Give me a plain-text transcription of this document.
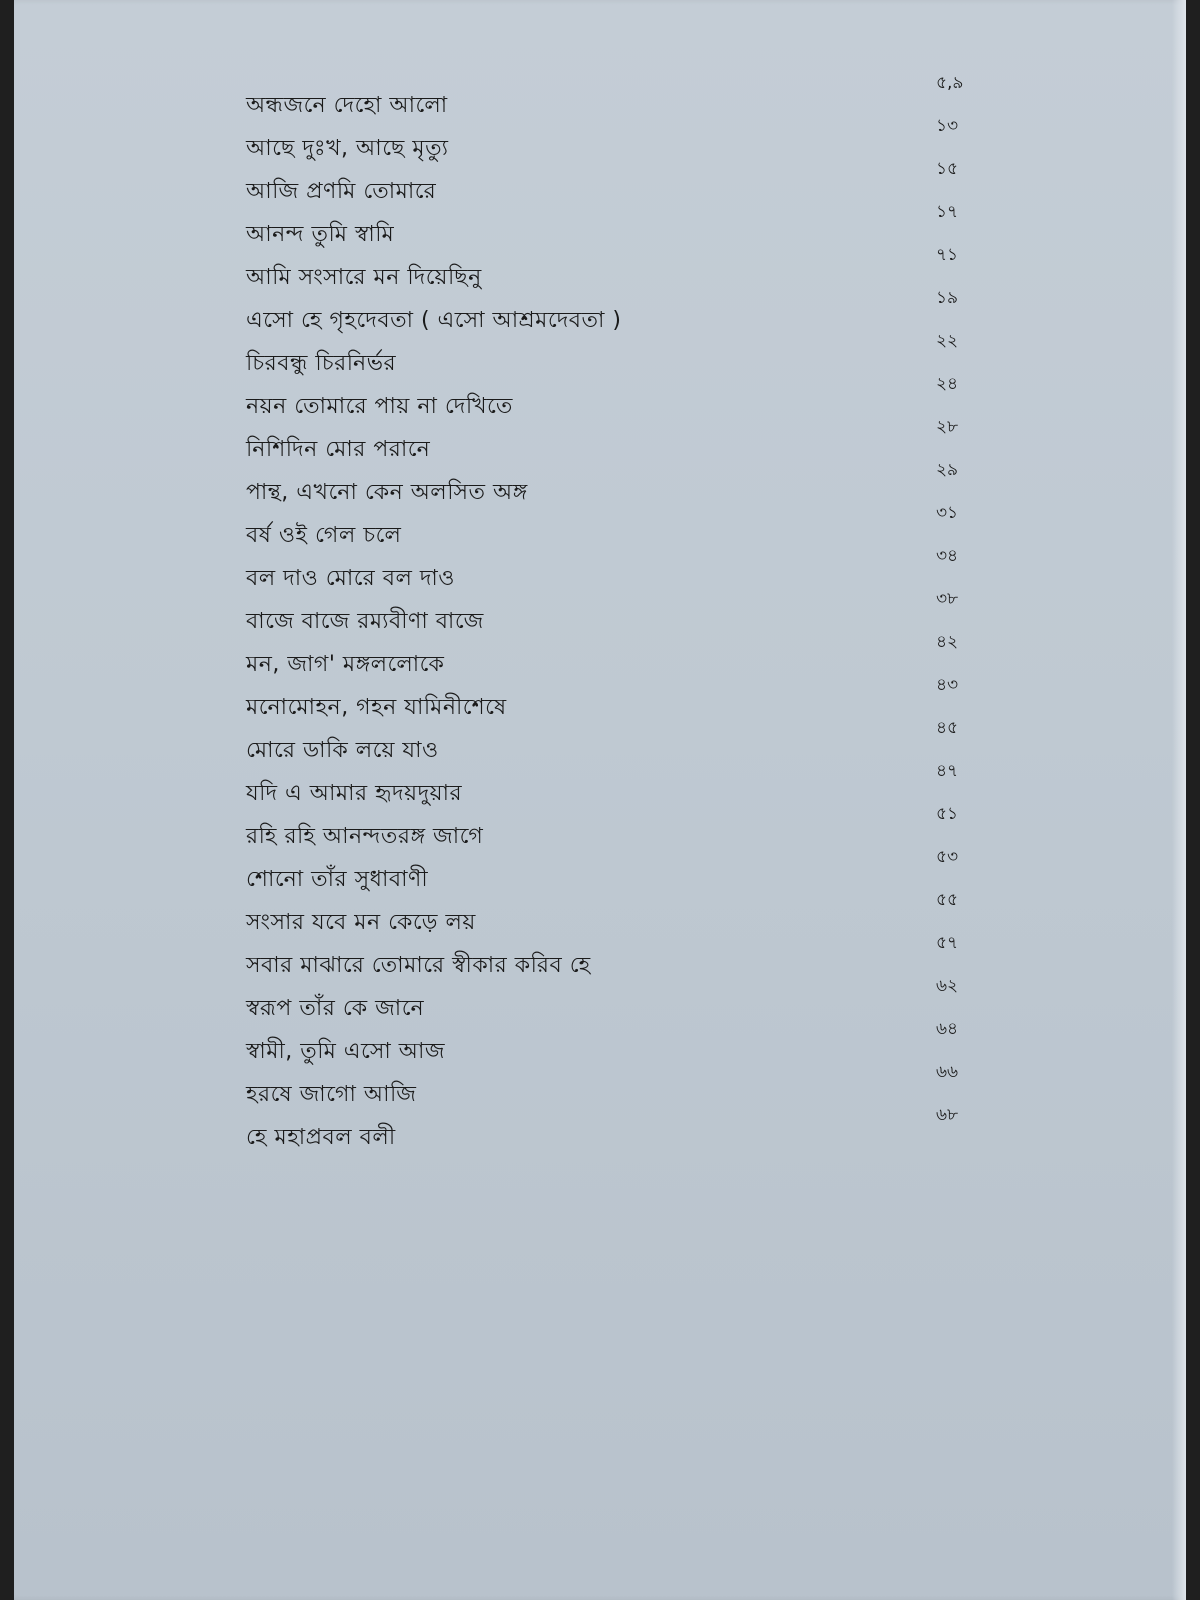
অন্ধজনে দেহো আলো
৫,৯
আছে দুঃখ, আছে মৃত্যু
১৩
আজি প্রণমি তোমারে
১৫
আনন্দ তুমি স্বামি
১৭
আমি সংসারে মন দিয়েছিনু
৭১
এসো হে গৃহদেবতা ( এসো আশ্রমদেবতা )
১৯
চিরবন্ধু চিরনির্ভর
২২
নয়ন তোমারে পায় না দেখিতে
২৪
নিশিদিন মোর পরানে
২৮
পান্থ, এখনো কেন অলসিত অঙ্গ
২৯
বর্ষ ওই গেল চলে
৩১
বল দাও মোরে বল দাও
৩৪
বাজে বাজে রম্যবীণা বাজে
৩৮
মন, জাগ' মঙ্গললোকে
৪২
মনোমোহন, গহন যামিনীশেষে
৪৩
মোরে ডাকি লয়ে যাও
৪৫
যদি এ আমার হৃদয়দুয়ার
৪৭
রহি রহি আনন্দতরঙ্গ জাগে
৫১
শোনো তাঁর সুধাবাণী
৫৩
সংসার যবে মন কেড়ে লয়
৫৫
সবার মাঝারে তোমারে স্বীকার করিব হে
৫৭
স্বরূপ তাঁর কে জানে
৬২
স্বামী, তুমি এসো আজ
৬৪
হরষে জাগো আজি
৬৬
হে মহাপ্রবল বলী
৬৮
